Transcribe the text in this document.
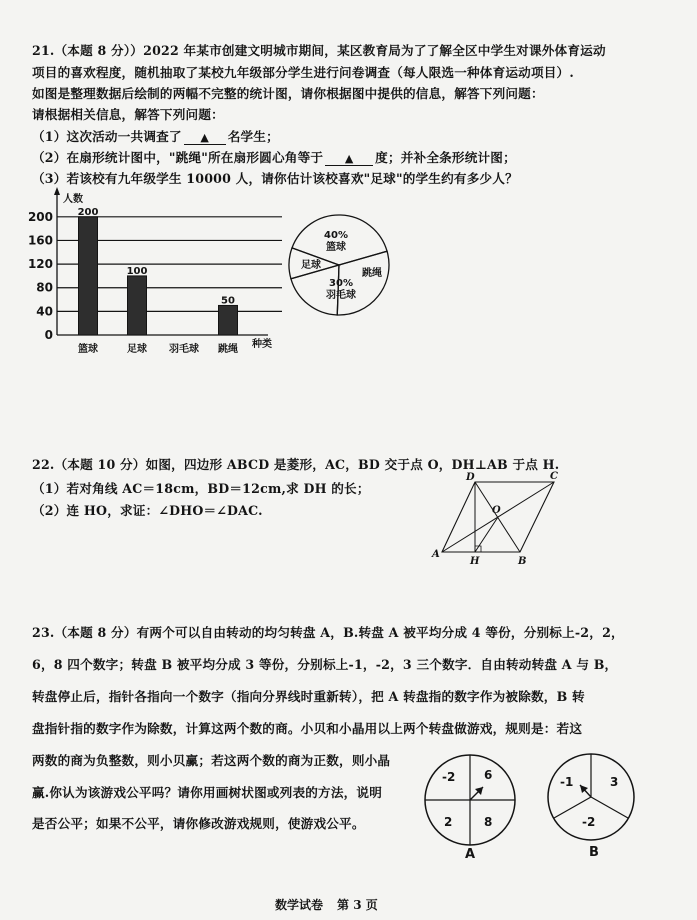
21.（本题 8 分））2022 年某市创建文明城市期间，某区教育局为了了解全区中学生对课外体育运动
项目的喜欢程度，随机抽取了某校九年级部分学生进行问卷调查（每人限选一种体育运动项目）.
如图是整理数据后绘制的两幅不完整的统计图，请你根据图中提供的信息，解答下列问题：
请根据相关信息，解答下列问题：
（1）这次活动一共调查了 ▲ 名学生；
（2）在扇形统计图中，"跳绳"所在扇形圆心角等于 ▲ 度；并补全条形统计图；
（3）若该校有九年级学生 10000 人，请你估计该校喜欢"足球"的学生约有多少人？
0
40
80
120
160
200
人数
种类
200
篮球
100
足球 羽毛球
50
跳绳
40%
篮球
30%
羽毛球
足球
跳绳
22.（本题 10 分）如图，四边形 ABCD 是菱形，AC，BD 交于点 O，DH⊥AB 于点 H.
（1）若对角线 AC＝18cm，BD＝12cm,求 DH 的长；
（2）连 HO，求证：∠DHO＝∠DAC.
A
B
C
D
O
H
23.（本题 8 分）有两个可以自由转动的均匀转盘 A，B.转盘 A 被平均分成 4 等份，分别标上-2，2，
6，8 四个数字；转盘 B 被平均分成 3 等份，分别标上-1，-2，3 三个数字．自由转动转盘 A 与 B，
转盘停止后，指针各指向一个数字（指向分界线时重新转），把 A 转盘指的数字作为被除数，B 转
盘指针指的数字作为除数，计算这两个数的商。小贝和小晶用以上两个转盘做游戏，规则是：若这
两数的商为负整数，则小贝赢；若这两个数的商为正数，则小晶
赢.你认为该游戏公平吗？请你用画树状图或列表的方法，说明
是否公平；如果不公平，请你修改游戏规则，使游戏公平。
-2 6
2	8
A
-1	3
-2
B
数学试卷 第 3 页
